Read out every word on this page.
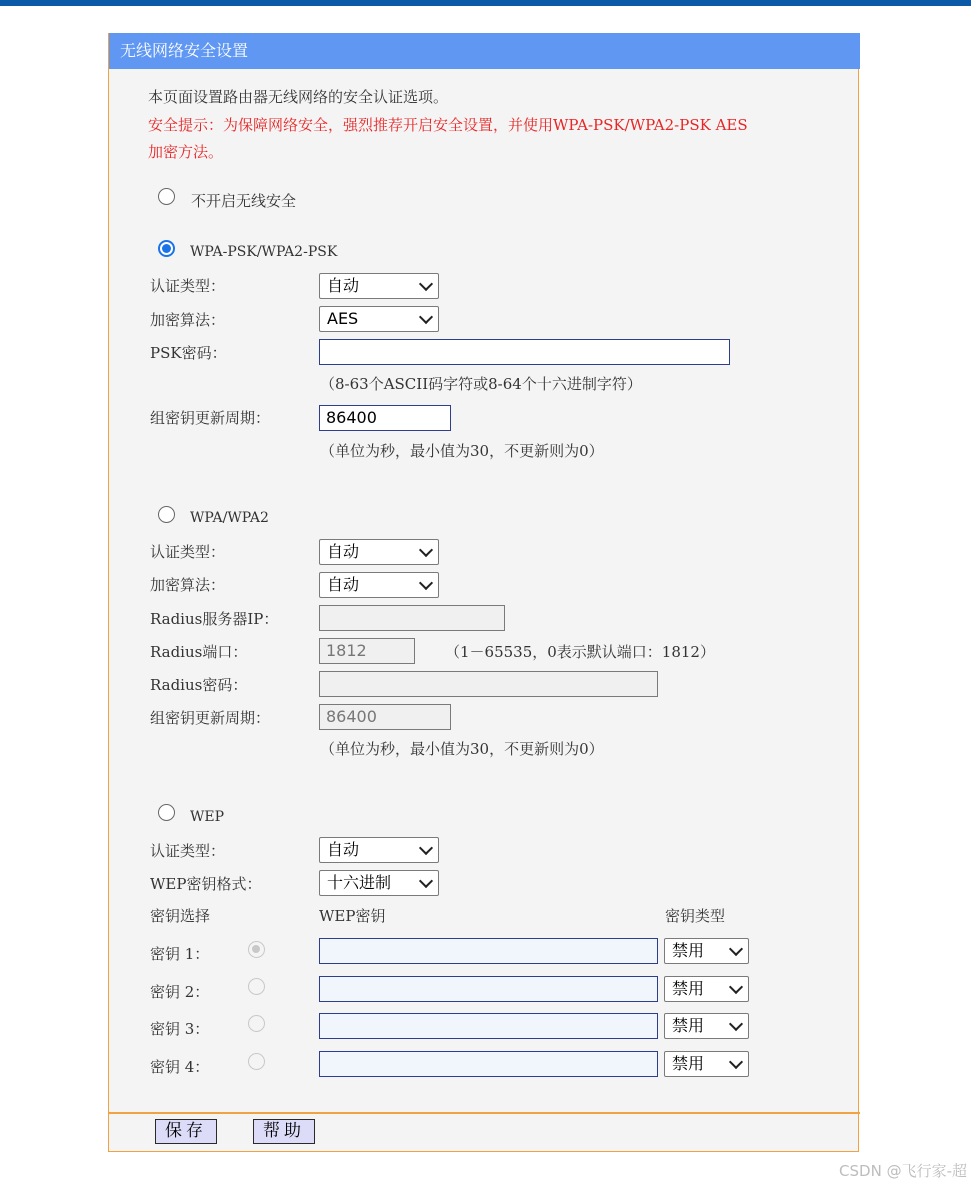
无线网络安全设置
本页面设置路由器无线网络的安全认证选项。
安全提示：为保障网络安全，强烈推荐开启安全设置，并使用WPA-PSK/WPA2-PSK AES
加密方法。
不开启无线安全
WPA-PSK/WPA2-PSK
认证类型：	自动
加密算法：	AES
PSK密码：
（8-63个ASCII码字符或8-64个十六进制字符）
组密钥更新周期：	86400
（单位为秒，最小值为30，不更新则为0）
WPA/WPA2
认证类型：	自动
加密算法：	自动
Radius服务器IP：
Radius端口：	1812	（1－65535，0表示默认端口：1812）
Radius密码：
组密钥更新周期：	86400
（单位为秒，最小值为30，不更新则为0）
WEP
认证类型：	自动
WEP密钥格式：	十六进制
密钥选择	WEP密钥	密钥类型
密钥 1：	禁用
密钥 2：	禁用
密钥 3：	禁用
密钥 4：	禁用
保存	帮助
CSDN @飞行家-超
